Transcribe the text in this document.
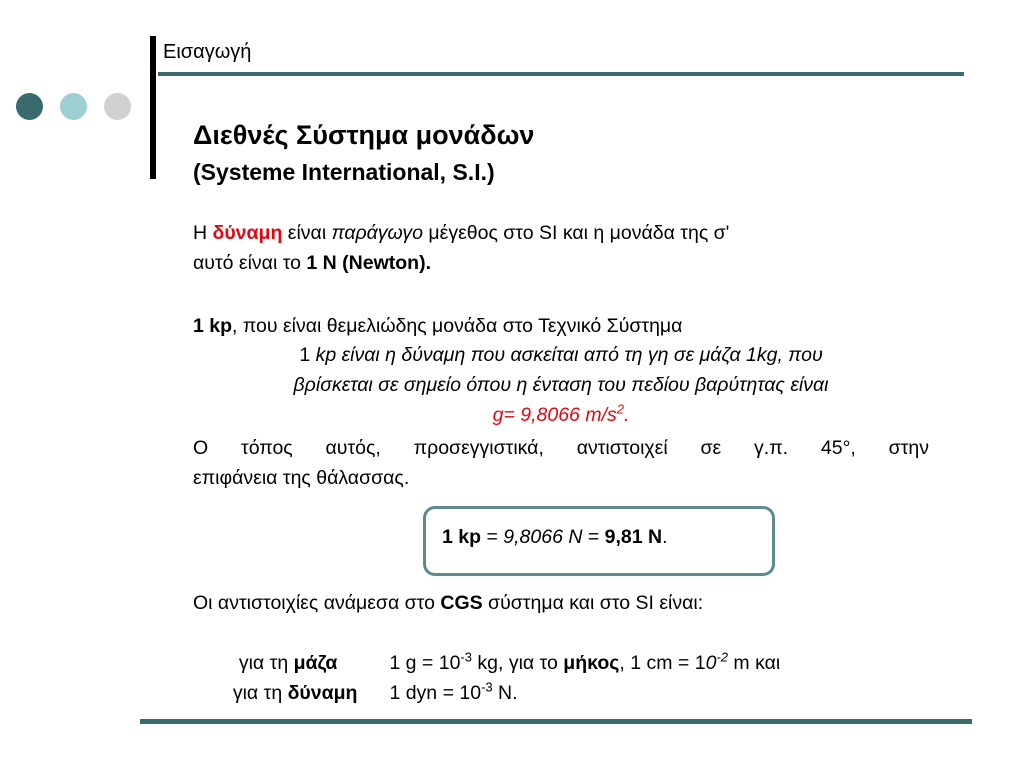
Εισαγωγή
Διεθνές Σύστημα μονάδων
(Systeme International, S.I.)
Η δύναμη είναι παράγωγο μέγεθος στο SI και η μονάδα της σ'
αυτό είναι το 1 N (Newton).
1 kp, που είναι θεμελιώδης μονάδα στο Τεχνικό Σύστημα
1 kp είναι η δύναμη που ασκείται από τη γη σε μάζα 1kg, που
βρίσκεται σε σημείο όπου η ένταση του πεδίου βαρύτητας είναι
g= 9,8066 $m/s^2$.
Ο τόπος αυτός, προσεγγιστικά, αντιστοιχεί σε γ.π. 45°, στην
επιφάνεια της θάλασσας.
1 kp = 9,8066 N = 9,81 N.
Οι αντιστοιχίες ανάμεσα στο CGS σύστημα και στο SI είναι:

για τη μάζα	1 $g = 10^{-3}$ kg, για το μήκος, 1 cm = $10^{-2}$ m και

για τη δύναμη 1 dyn = $10^{-3}$ N.
